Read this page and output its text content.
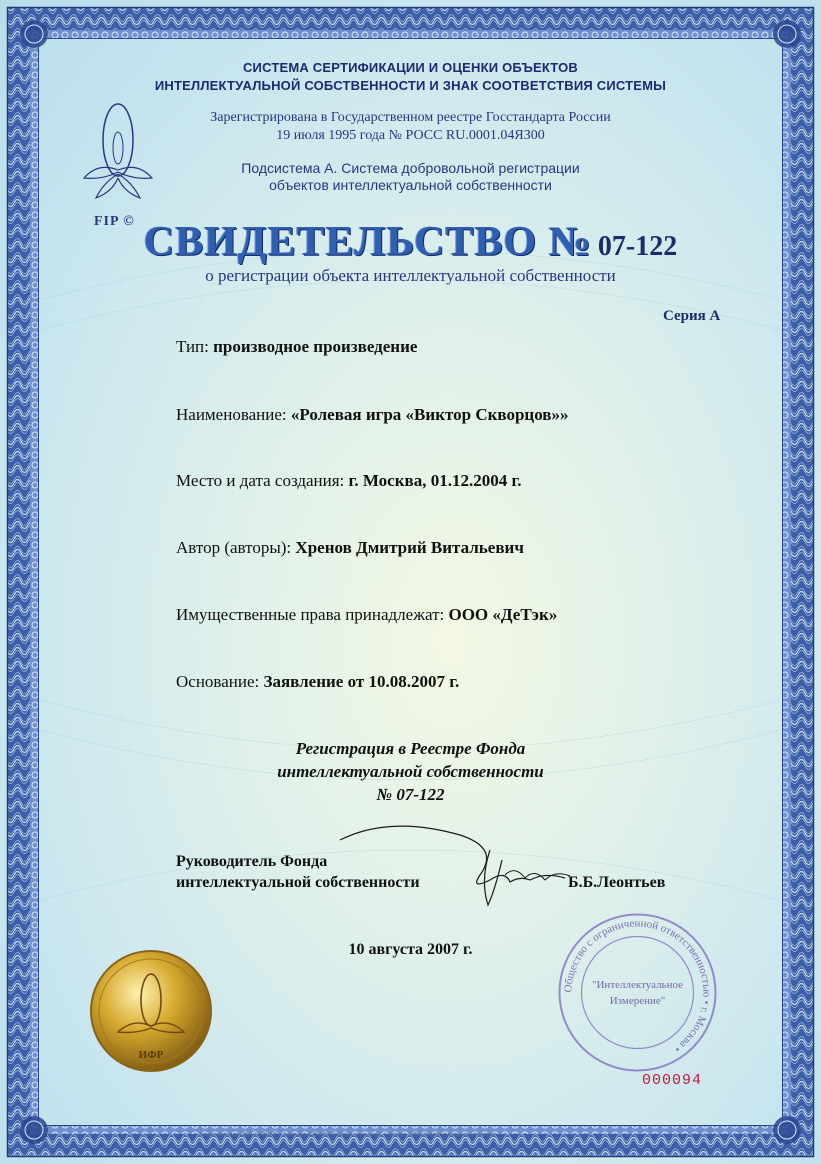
FIP ©
СИСТЕМА СЕРТИФИКАЦИИ И ОЦЕНКИ ОБЪЕКТОВ
ИНТЕЛЛЕКТУАЛЬНОЙ СОБСТВЕННОСТИ И ЗНАК СООТВЕТСТВИЯ СИСТЕМЫ
Зарегистрирована в Государственном реестре Госстандарта России
19 июля 1995 года № РОСС RU.0001.04ЯЗ00
Подсистема А. Система добровольной регистрации
объектов интеллектуальной собственности
СВИДЕТЕЛЬСТВО № 07-122
о регистрации объекта интеллектуальной собственности
Серия А
Тип: производное произведение
Наименование: «Ролевая игра «Виктор Скворцов»»
Место и дата создания: г. Москва, 01.12.2004 г.
Автор (авторы): Хренов Дмитрий Витальевич
Имущественные права принадлежат: ООО «ДеТэк»
Основание: Заявление от 10.08.2007 г.
Регистрация в Реестре Фонда
интеллектуальной собственности
№ 07-122
Руководитель Фонда
интеллектуальной собственности	Б.Б.Леонтьев
10 августа 2007 г.
ИФР
Общество с ограниченной ответственностью • г. Москва •
"Интеллектуальное
Измерение"
000094
Бланк изготовлен ЗАО «ОПЦИОН» (лицензия Б 05-05/003 МФ РФ, уровень В) , г. Москва, 2006 г. Шрифт вывески не сливается.
